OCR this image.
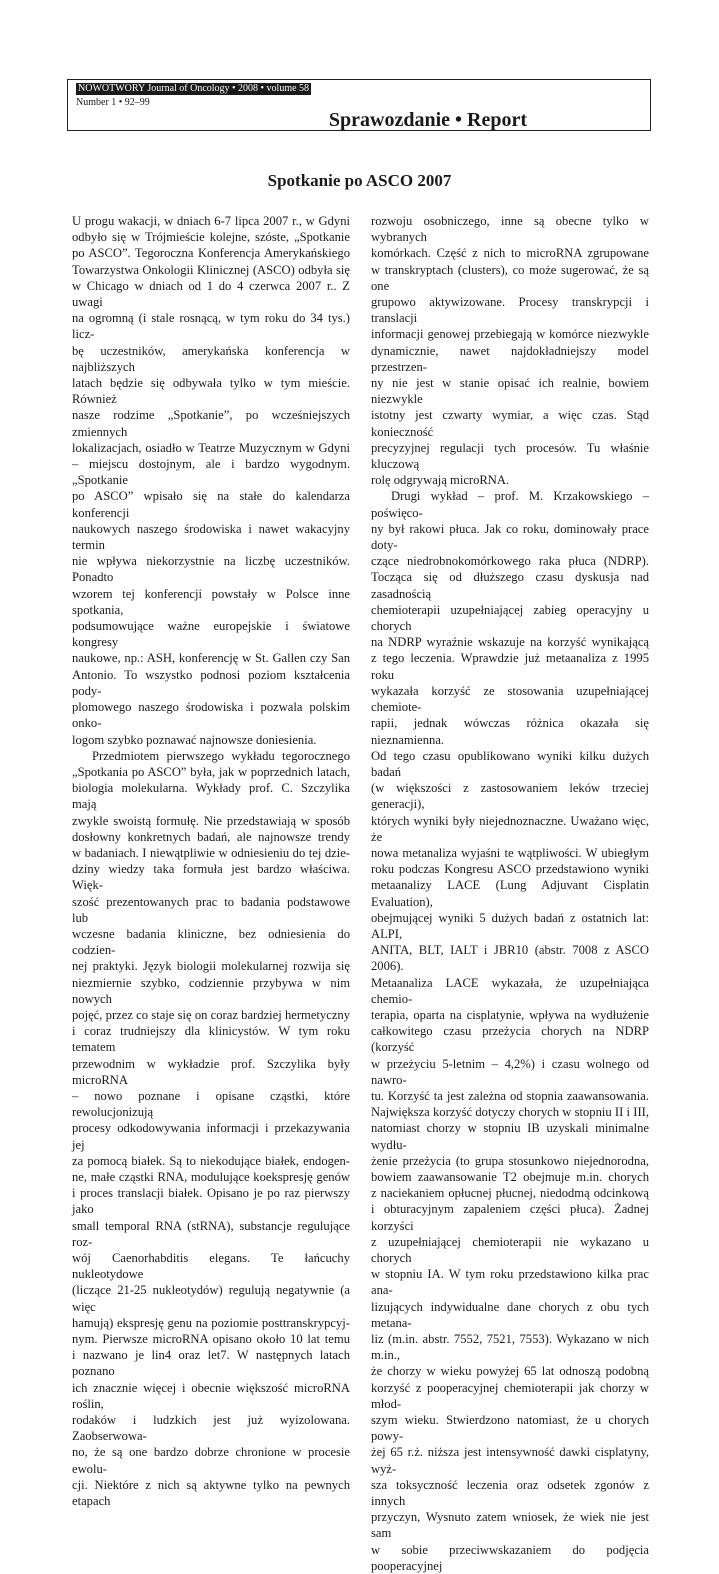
NOWOTWORY Journal of Oncology • 2008 • volume 58
Number 1 • 92–99
Sprawozdanie • Report
Spotkanie po ASCO 2007
U progu wakacji, w dniach 6-7 lipca 2007 r., w Gdyni
odbyło się w Trójmieście kolejne, szóste, „Spotkanie
po ASCO”. Tegoroczna Konferencja Amerykańskiego
Towarzystwa Onkologii Klinicznej (ASCO) odbyła się
w Chicago w dniach od 1 do 4 czerwca 2007 r.. Z uwagi
na ogromną (i stale rosnącą, w tym roku do 34 tys.) licz-
bę uczestników, amerykańska konferencja w najbliższych
latach będzie się odbywała tylko w tym mieście. Również
nasze rodzime „Spotkanie”, po wcześniejszych zmiennych
lokalizacjach, osiadło w Teatrze Muzycznym w Gdyni
– miejscu dostojnym, ale i bardzo wygodnym. „Spotkanie
po ASCO” wpisało się na stałe do kalendarza konferencji
naukowych naszego środowiska i nawet wakacyjny termin
nie wpływa niekorzystnie na liczbę uczestników. Ponadto
wzorem tej konferencji powstały w Polsce inne spotkania,
podsumowujące ważne europejskie i światowe kongresy
naukowe, np.: ASH, konferencję w St. Gallen czy San
Antonio. To wszystko podnosi poziom kształcenia pody-
plomowego naszego środowiska i pozwala polskim onko-
logom szybko poznawać najnowsze doniesienia.
Przedmiotem pierwszego wykładu tegorocznego
„Spotkania po ASCO” była, jak w poprzednich latach,
biologia molekularna. Wykłady prof. C. Szczylika mają
zwykle swoistą formułę. Nie przedstawiają w sposób
dosłowny konkretnych badań, ale najnowsze trendy
w badaniach. I niewątpliwie w odniesieniu do tej dzie-
dziny wiedzy taka formuła jest bardzo właściwa. Więk-
szość prezentowanych prac to badania podstawowe lub
wczesne badania kliniczne, bez odniesienia do codzien-
nej praktyki. Język biologii molekularnej rozwija się
niezmiernie szybko, codziennie przybywa w nim nowych
pojęć, przez co staje się on coraz bardziej hermetyczny
i coraz trudniejszy dla klinicystów. W tym roku tematem
przewodnim w wykładzie prof. Szczylika były microRNA
– nowo poznane i opisane cząstki, które rewolucjonizują
procesy odkodowywania informacji i przekazywania jej
za pomocą białek. Są to niekodujące białek, endogen-
ne, małe cząstki RNA, modulujące koekspresję genów
i proces translacji białek. Opisano je po raz pierwszy jako
small temporal RNA (stRNA), substancje regulujące roz-
wój Caenorhabditis elegans. Te łańcuchy nukleotydowe
(liczące 21-25 nukleotydów) regulują negatywnie (a więc
hamują) ekspresję genu na poziomie posttranskrypcyj-
nym. Pierwsze microRNA opisano około 10 lat temu
i nazwano je lin4 oraz let7. W następnych latach poznano
ich znacznie więcej i obecnie większość microRNA roślin,
rodaków i ludzkich jest już wyizolowana. Zaobserwowa-
no, że są one bardzo dobrze chronione w procesie ewolu-
cji. Niektóre z nich są aktywne tylko na pewnych etapach
rozwoju osobniczego, inne są obecne tylko w wybranych
komórkach. Część z nich to microRNA zgrupowane
w transkryptach (clusters), co może sugerować, że są one
grupowo aktywizowane. Procesy transkrypcji i translacji
informacji genowej przebiegają w komórce niezwykle
dynamicznie, nawet najdokładniejszy model przestrzen-
ny nie jest w stanie opisać ich realnie, bowiem niezwykle
istotny jest czwarty wymiar, a więc czas. Stąd konieczność
precyzyjnej regulacji tych procesów. Tu właśnie kluczową
rolę odgrywają microRNA.
Drugi wykład – prof. M. Krzakowskiego – poświęco-
ny był rakowi płuca. Jak co roku, dominowały prace doty-
czące niedrobnokomórkowego raka płuca (NDRP).
Tocząca się od dłuższego czasu dyskusja nad zasadnością
chemioterapii uzupełniającej zabieg operacyjny u chorych
na NDRP wyraźnie wskazuje na korzyść wynikającą
z tego leczenia. Wprawdzie już metaanaliza z 1995 roku
wykazała korzyść ze stosowania uzupełniającej chemiote-
rapii, jednak wówczas różnica okazała się nieznamienna.
Od tego czasu opublikowano wyniki kilku dużych badań
(w większości z zastosowaniem leków trzeciej generacji),
których wyniki były niejednoznaczne. Uważano więc, że
nowa metanaliza wyjaśni te wątpliwości. W ubiegłym
roku podczas Kongresu ASCO przedstawiono wyniki
metaanalizy LACE (Lung Adjuvant Cisplatin Evaluation),
obejmującej wyniki 5 dużych badań z ostatnich lat: ALPI,
ANITA, BLT, IALT i JBR10 (abstr. 7008 z ASCO 2006).
Metaanaliza LACE wykazała, że uzupełniająca chemio-
terapia, oparta na cisplatynie, wpływa na wydłużenie
całkowitego czasu przeżycia chorych na NDRP (korzyść
w przeżyciu 5-letnim – 4,2%) i czasu wolnego od nawro-
tu. Korzyść ta jest zależna od stopnia zaawansowania.
Największa korzyść dotyczy chorych w stopniu II i III,
natomiast chorzy w stopniu IB uzyskali minimalne wydłu-
żenie przeżycia (to grupa stosunkowo niejednorodna,
bowiem zaawansowanie T2 obejmuje m.in. chorych
z naciekaniem opłucnej płucnej, niedodmą odcinkową
i obturacyjnym zapaleniem części płuca). Żadnej korzyści
z uzupełniającej chemioterapii nie wykazano u chorych
w stopniu IA. W tym roku przedstawiono kilka prac ana-
lizujących indywidualne dane chorych z obu tych metana-
liz (m.in. abstr. 7552, 7521, 7553). Wykazano w nich m.in.,
że chorzy w wieku powyżej 65 lat odnoszą podobną
korzyść z pooperacyjnej chemioterapii jak chorzy w młod-
szym wieku. Stwierdzono natomiast, że u chorych powy-
żej 65 r.ż. niższa jest intensywność dawki cisplatyny, wyż-
sza toksyczność leczenia oraz odsetek zgonów z innych
przyczyn, Wysnuto zatem wniosek, że wiek nie jest sam
w sobie przeciwwskazaniem do podjęcia pooperacyjnej
